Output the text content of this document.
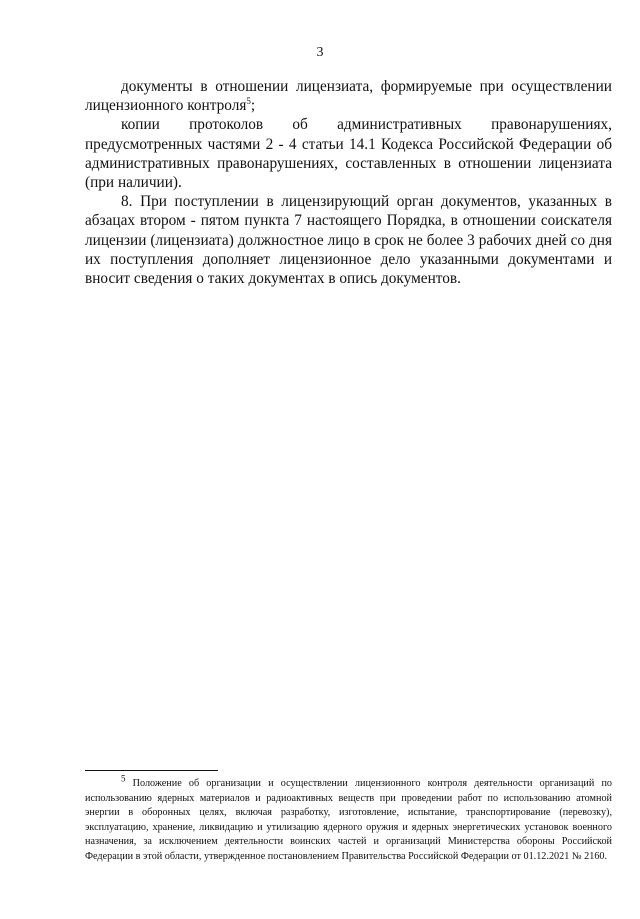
3

документы в отношении лицензиата, формируемые при осуществлении лицензионного контроля$^5$;

копии протоколов об административных правонарушениях, предусмотренных частями 2 - 4 статьи 14.1 Кодекса Российской Федерации об административных правонарушениях, составленных в отношении лицензиата (при наличии).

8. При поступлении в лицензирующий орган документов, указанных в абзацах втором - пятом пункта 7 настоящего Порядка, в отношении соискателя лицензии (лицензиата) должностное лицо в срок не более 3 рабочих дней со дня их поступления дополняет лицензионное дело указанными документами и вносит сведения о таких документах в опись документов.

$^5$ Положение об организации и осуществлении лицензионного контроля деятельности организаций по использованию ядерных материалов и радиоактивных веществ при проведении работ по использованию атомной энергии в оборонных целях, включая разработку, изготовление, испытание, транспортирование (перевозку), эксплуатацию, хранение, ликвидацию и утилизацию ядерного оружия и ядерных энергетических установок военного назначения, за исключением деятельности воинских частей и организаций Министерства обороны Российской Федерации в этой области, утвержденное постановлением Правительства Российской Федерации от 01.12.2021 № 2160.
